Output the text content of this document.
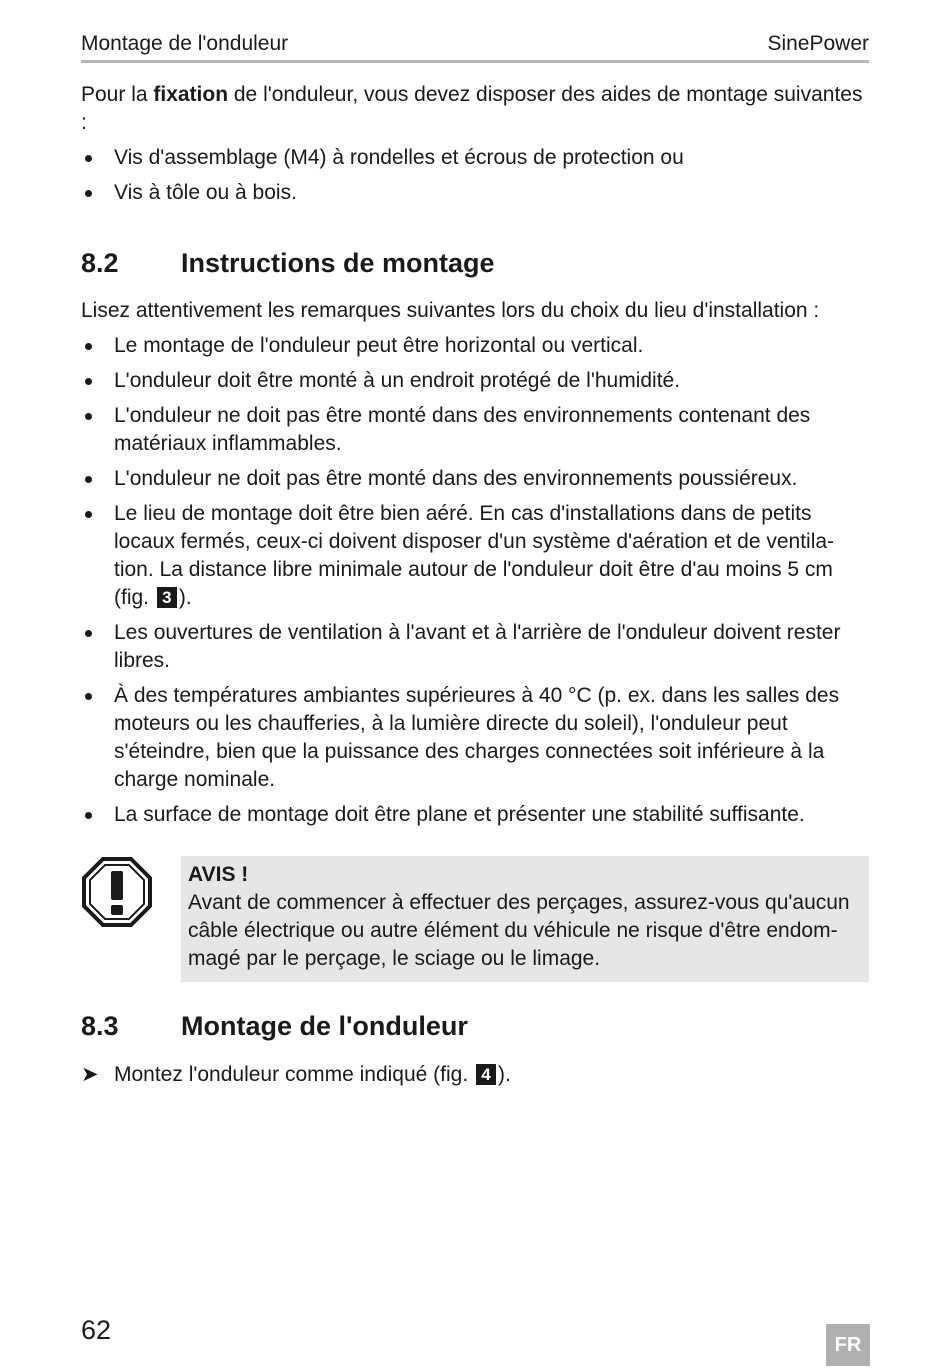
Montage de l'onduleur	SinePower

Pour la fixation de l'onduleur, vous devez disposer des aides de montage suivantes :

Vis d'assemblage (M4) à rondelles et écrous de protection ou
Vis à tôle ou à bois.
8.2 Instructions de montage

Lisez attentivement les remarques suivantes lors du choix du lieu d'installation :

Le montage de l'onduleur peut être horizontal ou vertical.
L'onduleur doit être monté à un endroit protégé de l'humidité.
L'onduleur ne doit pas être monté dans des environnements contenant des matériaux inflammables.
L'onduleur ne doit pas être monté dans des environnements poussiéreux.
Le lieu de montage doit être bien aéré. En cas d'installations dans de petits locaux fermés, ceux-ci doivent disposer d'un système d'aération et de ventila-tion. La distance libre minimale autour de l'onduleur doit être d'au moins 5 cm (fig. 3 ).
Les ouvertures de ventilation à l'avant et à l'arrière de l'onduleur doivent rester libres.
À des températures ambiantes supérieures à 40 °C (p. ex. dans les salles des moteurs ou les chaufferies, à la lumière directe du soleil), l'onduleur peut s'éteindre, bien que la puissance des charges connectées soit inférieure à la charge nominale.
La surface de montage doit être plane et présenter une stabilité suffisante.
AVIS !
Avant de commencer à effectuer des perçages, assurez-vous qu'aucun câble électrique ou autre élément du véhicule ne risque d'être endom-magé par le perçage, le sciage ou le limage.
8.3 Montage de l'onduleur
➤ Montez l'onduleur comme indiqué (fig. 4 ).
62	FR
